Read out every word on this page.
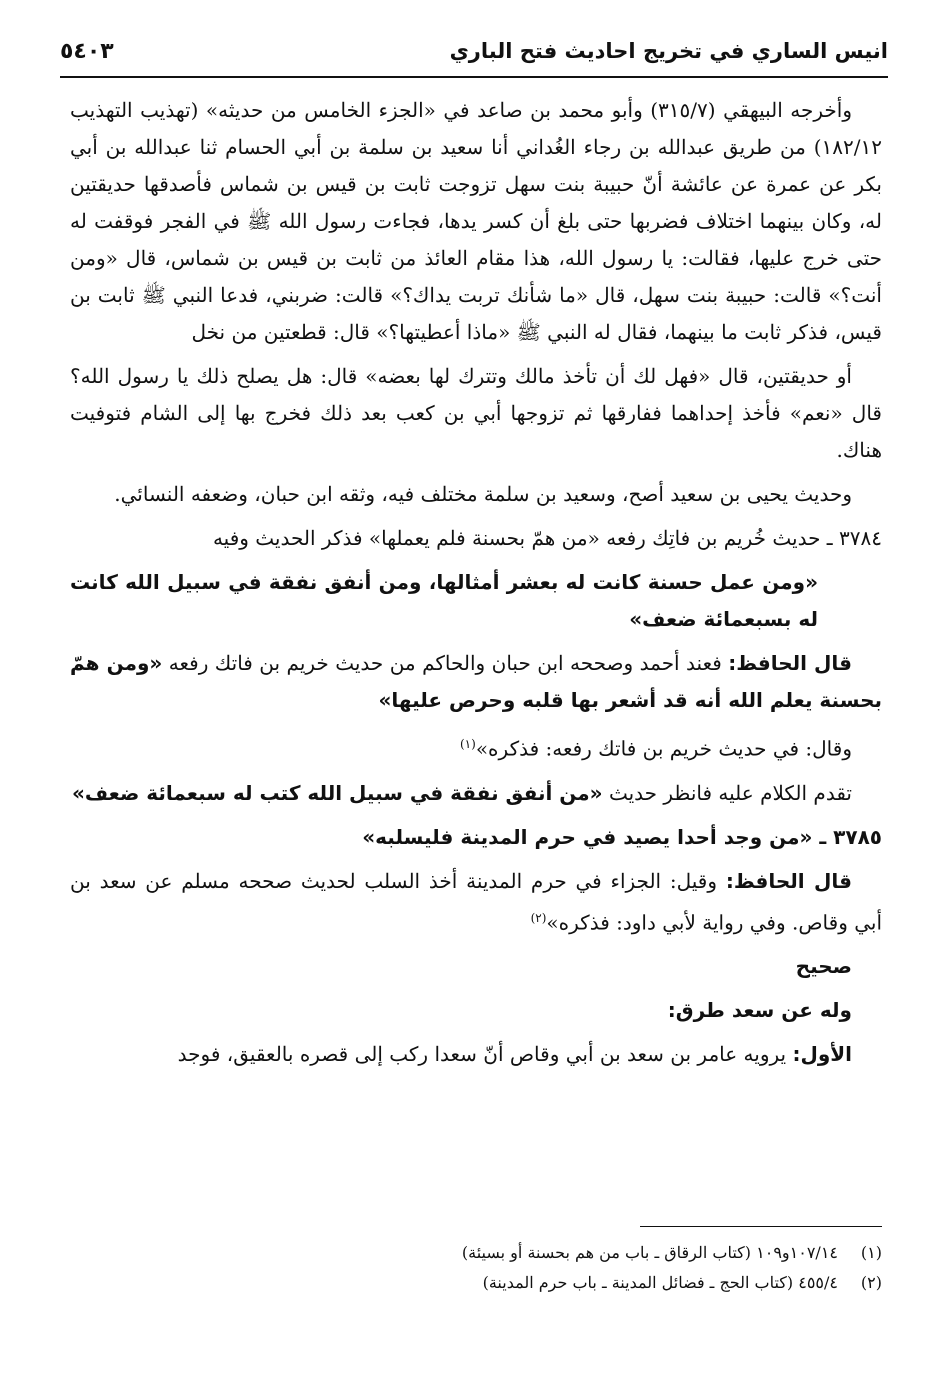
انيس الساري في تخريج احاديث فتح الباري
٥٤٠٣

وأخرجه البيهقي (٣١٥/٧) وأبو محمد بن صاعد في «الجزء الخامس من حديثه» (تهذيب التهذيب ١٨٢/١٢) من طريق عبدالله بن رجاء الغُداني أنا سعيد بن سلمة بن أبي الحسام ثنا عبدالله بن أبي بكر عن عمرة عن عائشة أنّ حبيبة بنت سهل تزوجت ثابت بن قيس بن شماس فأصدقها حديقتين له، وكان بينهما اختلاف فضربها حتى بلغ أن كسر يدها، فجاءت رسول الله ﷺ في الفجر فوقفت له حتى خرج عليها، فقالت: يا رسول الله، هذا مقام العائذ من ثابت بن قيس بن شماس، قال «ومن أنت؟» قالت: حبيبة بنت سهل، قال «ما شأنك تربت يداك؟» قالت: ضربني، فدعا النبي ﷺ ثابت بن قيس، فذكر ثابت ما بينهما، فقال له النبي ﷺ «ماذا أعطيتها؟» قال: قطعتين من نخل

أو حديقتين، قال «فهل لك أن تأخذ مالك وتترك لها بعضه» قال: هل يصلح ذلك يا رسول الله؟ قال «نعم» فأخذ إحداهما ففارقها ثم تزوجها أبي بن كعب بعد ذلك فخرج بها إلى الشام فتوفيت هناك.

وحديث يحيى بن سعيد أصح، وسعيد بن سلمة مختلف فيه، وثقه ابن حبان، وضعفه النسائي.

٣٧٨٤ ـ حديث خُريم بن فاتِك رفعه «من همّ بحسنة فلم يعملها» فذكر الحديث وفيه

«ومن عمل حسنة كانت له بعشر أمثالها، ومن أنفق نفقة في سبيل الله كانت له بسبعمائة ضعف»

قال الحافظ: فعند أحمد وصححه ابن حبان والحاكم من حديث خريم بن فاتك رفعه «ومن همّ بحسنة يعلم الله أنه قد أشعر بها قلبه وحرص عليها»

وقال: في حديث خريم بن فاتك رفعه: فذكره»$^{(١)}$

تقدم الكلام عليه فانظر حديث «من أنفق نفقة في سبيل الله كتب له سبعمائة ضعف»

٣٧٨٥ ـ «من وجد أحدا يصيد في حرم المدينة فليسلبه»

قال الحافظ: وقيل: الجزاء في حرم المدينة أخذ السلب لحديث صححه مسلم عن سعد بن أبي وقاص. وفي رواية لأبي داود: فذكره»$^{(٢)}$

صحيح

وله عن سعد طرق:

الأول: يرويه عامر بن سعد بن أبي وقاص أنّ سعدا ركب إلى قصره بالعقيق، فوجد

(١)
١٠٧/١٤و١٠٩ (كتاب الرقاق ـ باب من هم بحسنة أو بسيئة)
(٢)
٤٥٥/٤ (كتاب الحج ـ فضائل المدينة ـ باب حرم المدينة)
